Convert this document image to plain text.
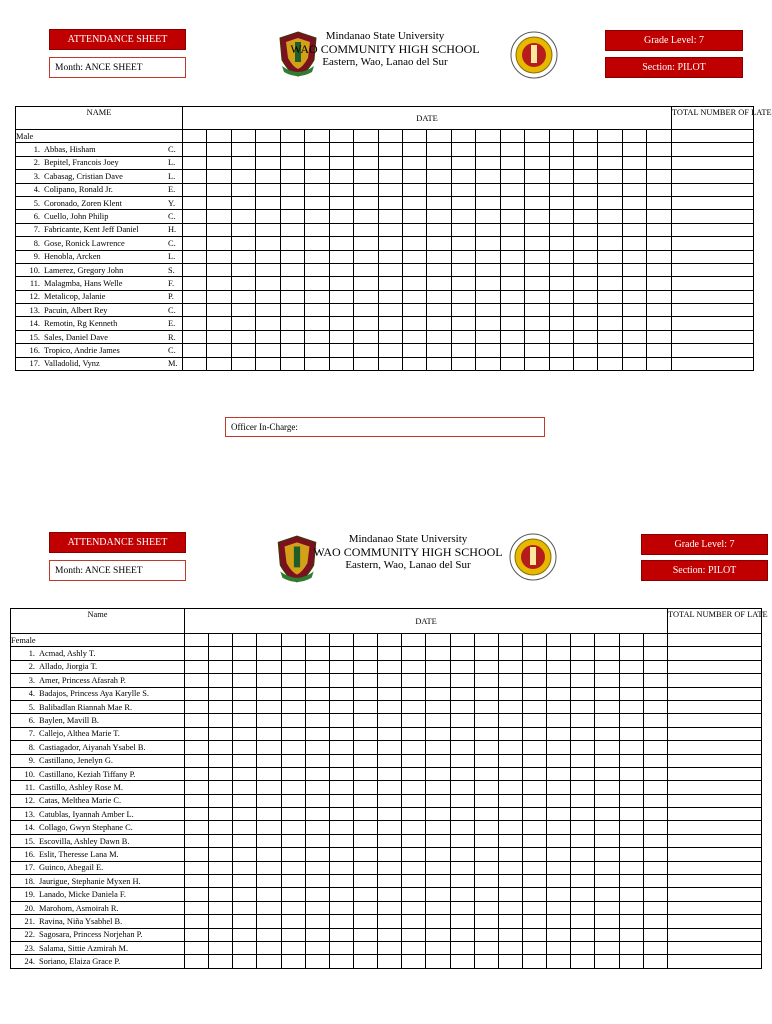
ATTENDANCE SHEET
Month: ANCE SHEET
Mindanao State University
WAO COMMUNITY HIGH SCHOOL
Eastern, Wao, Lanao del Sur
Grade Level: 7
Section: PILOT
NAME	DATE																				TOTAL NUMBER OF LATE
Male																					

1. Abbas, Hisham C.																					

2. Bepitel, Francois Joey L.																					

3. Cabasag, Cristian Dave L.																					

4. Colipano, Ronald Jr. E.																					

5. Coronado, Zoren Klent Y.																					

6. Cuello, John Philip C.																					

7. Fabricante, Kent Jeff Daniel H.																					

8. Gose, Ronick Lawrence C.																					

9. Henobla, Arcken L.																					

10. Lamerez, Gregory John S.																					

11. Malagmba, Hans Welle F.																					

12. Metalicop, Jalanie P.																					

13. Pacuin, Albert Rey C.																					

14. Remotin, Rg Kenneth E.																					

15. Sales, Daniel Dave R.																					

16. Tropico, Andrie James C.																					

17. Valladolid, Vynz M.																					

Officer In-Charge:
ATTENDANCE SHEET
Month: ANCE SHEET
Mindanao State University
WAO COMMUNITY HIGH SCHOOL
Eastern, Wao, Lanao del Sur
Grade Level: 7
Section: PILOT
Name	DATE																				TOTAL NUMBER OF LATE
Female																					

1. Acmad, Ashly T.																					

2. Allado, Jiorgia T.																					

3. Amer, Princess Afasrah P.																					

4. Badajos, Princess Aya Karylle S.																					

5. Balibadlan Riannah Mae R.																					

6. Baylen, Mavill B.																					

7. Callejo, Althea Marie T.																					

8. Castiagador, Aiyanah Ysabel B.																					

9. Castillano, Jenelyn G.																					

10. Castillano, Keziah Tiffany P.																					

11. Castillo, Ashley Rose M.																					

12. Catas, Melthea Marie C.																					

13. Catublas, Iyannah Amber L.																					

14. Collago, Gwyn Stephane C.																					

15. Escovilla, Ashley Dawn B.																					

16. Eslit, Theresse Lana M.																					

17. Guinco, Abegail E.																					

18. Jaurigue, Stephanie Myxen H.																					

19. Lanado, Micke Daniela F.																					

20. Marohom, Asmoirah R.																					

21. Ravina, Niña Ysabhel B.																					

22. Sagosara, Princess Norjehan P.																					

23. Salama, Sittie Azmirah M.																					

24. Soriano, Elaiza Grace P.																					
